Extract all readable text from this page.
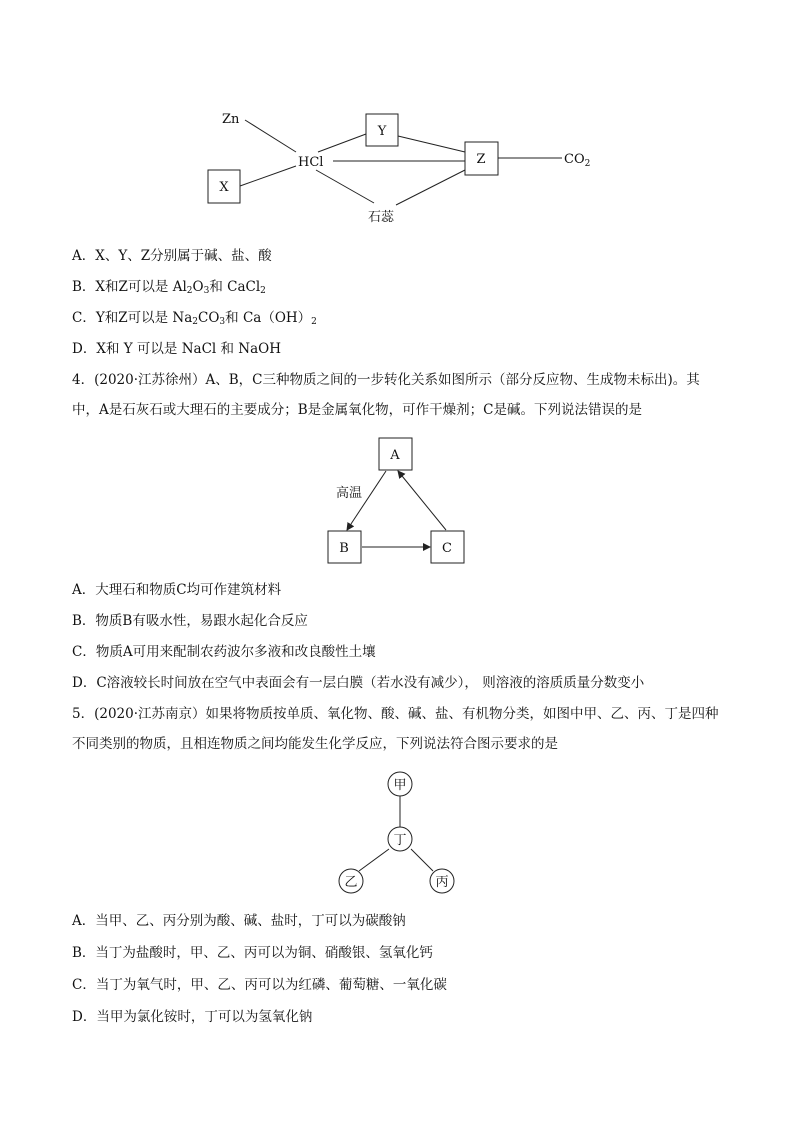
Zn
Y
HCl	Z	$CO_2$
X
石蕊
A．X、Y、Z分别属于碱、盐、酸
B．X和Z可以是 $Al_2O_3$和 CaCl$_2$
C．Y和Z可以是 $Na_2CO_3$和 $Ca(OH)_2$
D．X和 Y 可以是 NaCl 和 NaOH
4．(2020·江苏徐州）A、B，C三种物质之间的一步转化关系如图所示（部分反应物、生成物未标出)。其中，A是石灰石或大理石的主要成分；B是金属氧化物，可作干燥剂；C是碱。下列说法错误的是
A
B	C
高温
A．大理石和物质C均可作建筑材料
B．物质B有吸水性，易跟水起化合反应
C．物质A可用来配制农药波尔多液和改良酸性土壤
D．C溶液较长时间放在空气中表面会有一层白膜（若水没有减少）， 则溶液的溶质质量分数变小
5．(2020·江苏南京）如果将物质按单质、氧化物、酸、碱、盐、有机物分类，如图中甲、乙、丙、丁是四种不同类别的物质，且相连物质之间均能发生化学反应，下列说法符合图示要求的是
甲
丁
乙	丙
A．当甲、乙、丙分别为酸、碱、盐时，丁可以为碳酸钠
B．当丁为盐酸时，甲、乙、丙可以为铜、硝酸银、氢氧化钙
C．当丁为氧气时，甲、乙、丙可以为红磷、葡萄糖、一氧化碳
D．当甲为氯化铵时，丁可以为氢氧化钠
